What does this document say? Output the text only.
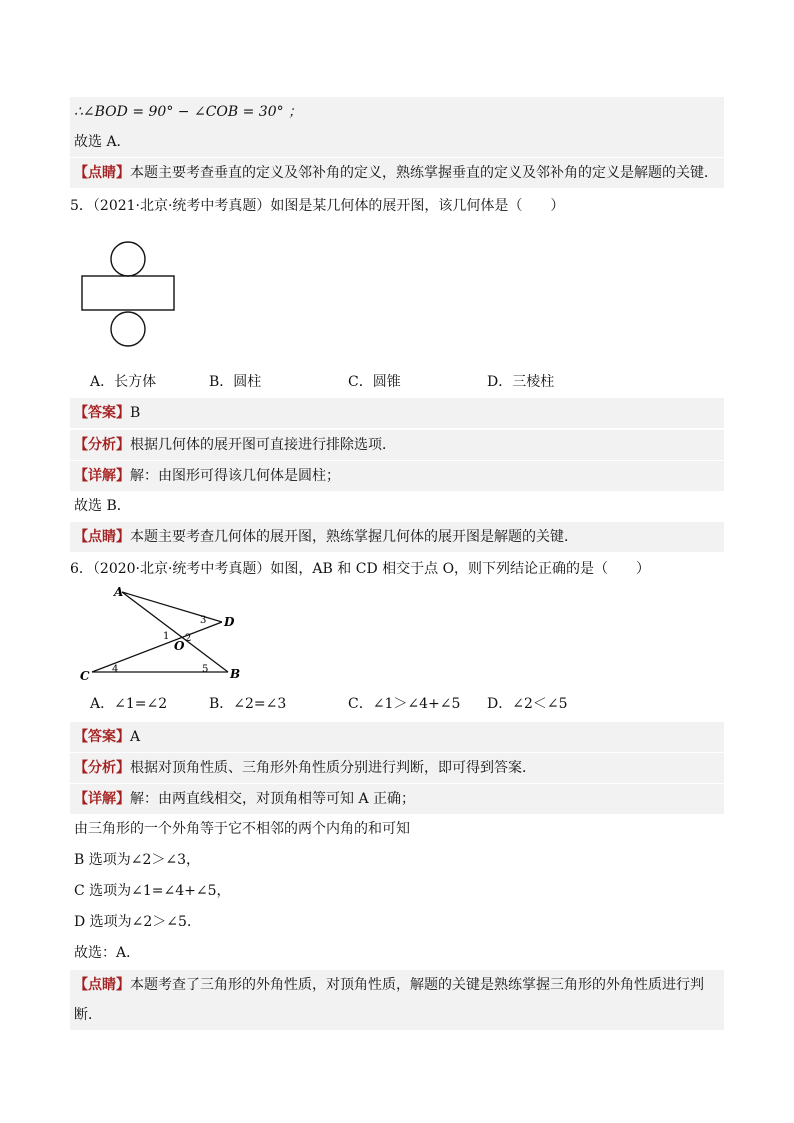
∴∠BOD = 90° − ∠COB = 30° ；
故选 A．
【点睛】本题主要考查垂直的定义及邻补角的定义，熟练掌握垂直的定义及邻补角的定义是解题的关键．
5．（2021·北京·统考中考真题）如图是某几何体的展开图，该几何体是（　　）
A．长方体	B．圆柱	C．圆锥	D．三棱柱
【答案】B
【分析】根据几何体的展开图可直接进行排除选项．
【详解】解：由图形可得该几何体是圆柱；
故选 B．
【点睛】本题主要考查几何体的展开图，熟练掌握几何体的展开图是解题的关键．
6．（2020·北京·统考中考真题）如图，AB 和 CD 相交于点 O，则下列结论正确的是（　　）
A
D
O
C	B
1 2
3
4	5
A．∠1=∠2	B．∠2=∠3	C．∠1＞∠4+∠5 D．∠2＜∠5
【答案】A
【分析】根据对顶角性质、三角形外角性质分别进行判断，即可得到答案．
【详解】解：由两直线相交，对顶角相等可知 A 正确；
由三角形的一个外角等于它不相邻的两个内角的和可知
B 选项为∠2＞∠3，
C 选项为∠1=∠4+∠5，
D 选项为∠2＞∠5．
故选：A．
【点睛】本题考查了三角形的外角性质，对顶角性质，解题的关键是熟练掌握三角形的外角性质进行判
断．
